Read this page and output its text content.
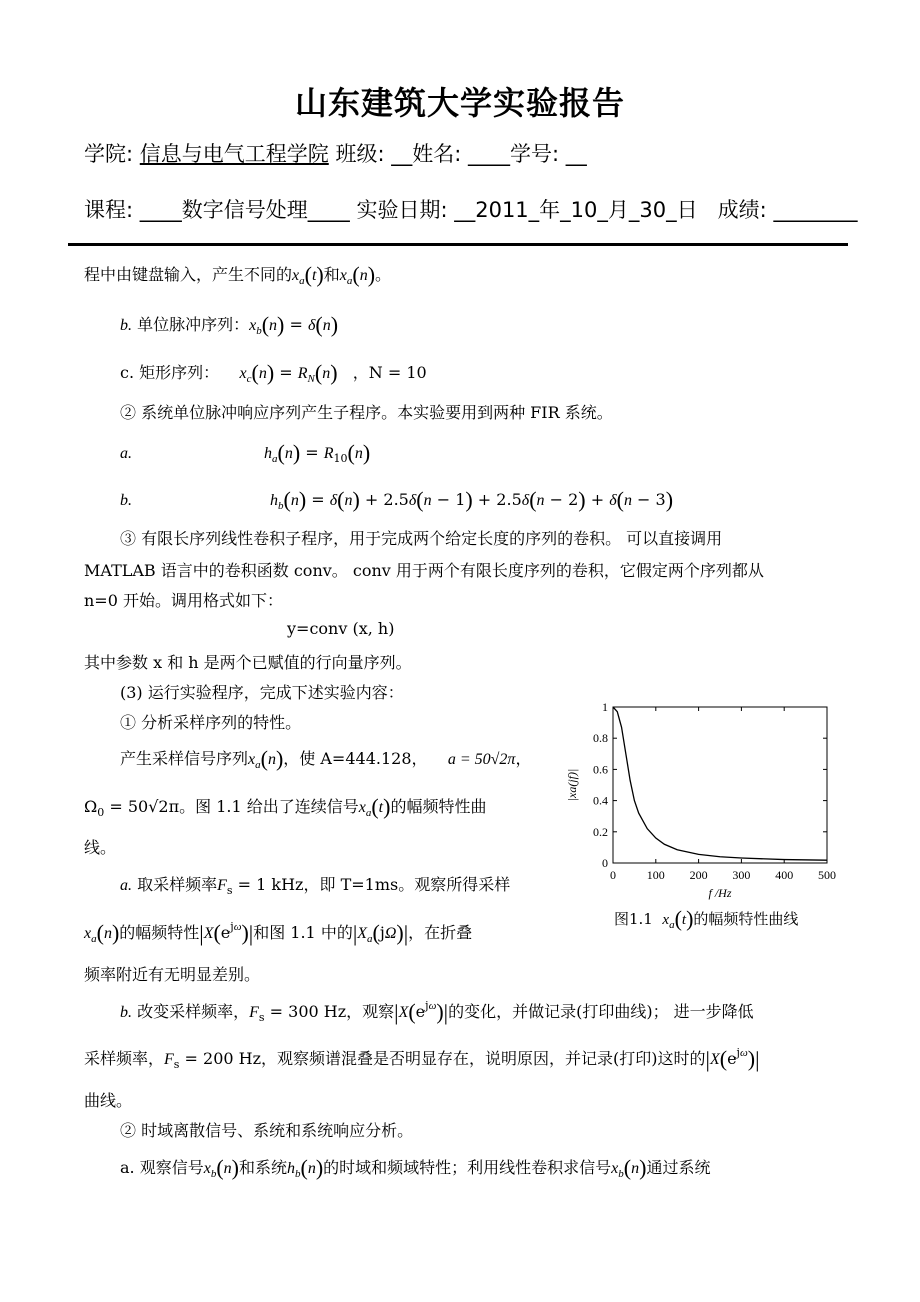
山东建筑大学实验报告
学院: 信息与电气工程学院 班级: __姓名: ____学号: __
课程: ____数字信号处理____ 实验日期: __2011_年_10_月_30_日 成绩: ________
程中由键盘输入，产生不同的$x_a(t)$和$x_a(n)$。
b. 单位脉冲序列：$x_b(n) = \delta(n)$
c. 矩形序列： $x_c(n) = R_N(n)$ ，N = 10
② 系统单位脉冲响应序列产生子程序。本实验要用到两种 FIR 系统。
a.	$h_a(n) = R_{10}(n)$
b.	$h_b(n) = \delta(n) + 2.5\delta(n - 1) + 2.5\delta(n - 2) + \delta(n - 3)$
③ 有限长序列线性卷积子程序，用于完成两个给定长度的序列的卷积。 可以直接调用
MATLAB 语言中的卷积函数 conv。 conv 用于两个有限长度序列的卷积，它假定两个序列都从
n=0 开始。调用格式如下：
y=conv (x, h)
其中参数 x 和 h 是两个已赋值的行向量序列。
(3) 运行实验程序，完成下述实验内容：
① 分析采样序列的特性。
产生采样信号序列$x_a(n)$，使 A=444.128， a = 50√2π，
$\Omega_0 = 50√2\pi$。图 1.1 给出了连续信号$x_a(t)$的幅频特性曲
线。
a. 取采样频率$F_s = 1$ kHz，即 T=1ms。观察所得采样
$x_a(n)$的幅频特性$|X(e^{j\omega})|$和图 1.1 中的$|X_a(j\Omega)|$，在折叠
频率附近有无明显差别。
b. 改变采样频率，$F_s = 300$ Hz，观察$|X(e^{j\omega})|$的变化，并做记录(打印曲线)； 进一步降低
采样频率，$F_s = 200$ Hz，观察频谱混叠是否明显存在，说明原因，并记录(打印)这时的$|X(e^{j\omega})|$
曲线。
② 时域离散信号、系统和系统响应分析。
a. 观察信号$x_b(n)$和系统$h_b(n)$的时域和频域特性；利用线性卷积求信号$x_b(n)$通过系统
0	100 200 300 400 500
0
0.2
0.4
0.6
0.8
1
f /Hz
|xa(jf)|
图1.1 $x_a(t)$的幅频特性曲线
